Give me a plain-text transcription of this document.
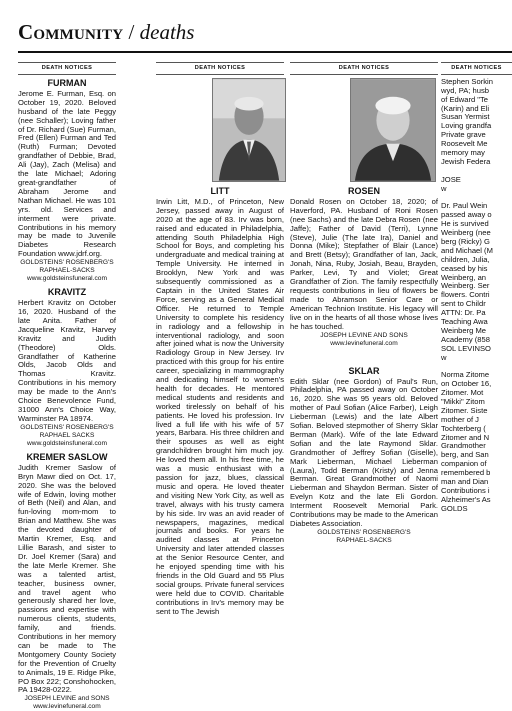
Community / deaths
DEATH NOTICES
FURMAN
Jerome E. Furman, Esq. on October 19, 2020. Beloved husband of the late Peggy (nee Schaller); Loving father of Dr. Richard (Sue) Furman, Fred (Ellen) Furman and Ted (Ruth) Furman; Devoted grandfather of Debbie, Brad, Ali (Jay), Zach (Melisa) and the late Michael; Adoring great-grandfather of Abraham Jerome and Nathan Michael. He was 101 yrs. old. Services and interment were private. Contributions in his memory may be made to Juvenile Diabetes Research Foundation www.jdrf.org.
GOLDSTEINS' ROSENBERG'S
RAPHAEL-SACKS
www.goldsteinsfuneral.com
KRAVITZ
Herbert Kravitz on October 16, 2020. Husband of the late Anita. Father of Jacqueline Kravitz, Harvey Kravitz and Judith (Theodore) Olds. Grandfather of Katherine Olds, Jacob Olds and Thomas Kravitz. Contributions in his memory may be made to the Ann's Choice Benevolence Fund, 31000 Ann's Choice Way, Warminster PA 18974.
GOLDSTEINS' ROSENBERG'S
RAPHAEL SACKS
www.goldsteinsfuneral.com
KREMER SASLOW
Judith Kremer Saslow of Bryn Mawr died on Oct. 17, 2020. She was the beloved wife of Edwin, loving mother of Beth (Neil) and Alan, and fun-loving mom-mom to Brian and Matthew. She was the devoted daughter of Martin Kremer, Esq. and Lillie Barash, and sister to Dr. Joel Kremer (Sara) and the late Merle Kremer. She was a talented artist, teacher, business owner, and travel agent who generously shared her love, passions and expertise with numerous clients, students, family, and friends. Contributions in her memory can be made to The Montgomery County Society for the Prevention of Cruelty to Animals, 19 E. Ridge Pike, PO Box 222; Conshohocken, PA 19428-0222.
JOSEPH LEVINE and SONS
www.levinefuneral.com
DEATH NOTICES
LITT
Irwin Litt, M.D., of Princeton, New Jersey, passed away in August of 2020 at the age of 83. Irv was born, raised and educated in Philadelphia, attending South Philadelphia High School for Boys, and completing his undergraduate and medical training at Temple University. He interned in Brooklyn, New York and was subsequently commissioned as a Captain in the United States Air Force, serving as a General Medical Officer. He returned to Temple University to complete his residency in radiology and a fellowship in interventional radiology, and soon after joined what is now the University Radiology Group in New Jersey. Irv practiced with this group for his entire career, specializing in mammography and dedicating himself to women's health for decades. He mentored medical students and residents and worked tirelessly on behalf of his patients. He loved his profession. Irv lived a full life with his wife of 57 years, Barbara. His three children and their spouses as well as eight grandchildren brought him much joy. He loved them all. In his free time, he was a music enthusiast with a passion for jazz, blues, classical music and opera. He loved theater and visiting New York City, as well as travel, always with his trusty camera by his side. Irv was an avid reader of newspapers, magazines, medical journals and books. For years he audited classes at Princeton University and later attended classes at the Senior Resource Center, and he enjoyed spending time with his friends in the Old Guard and 55 Plus social groups. Private funeral services were held due to COVID. Charitable contributions in Irv's memory may be sent to The Jewish
DEATH NOTICES
ROSEN
Donald Rosen on October 18, 2020; of Haverford, PA. Husband of Roni Rosen (nee Sachs) and the late Debra Rosen (nee Jaffe); Father of David (Terri), Lynne (Steve), Julie (The late Ira), Daniel and Donna (Mike); Stepfather of Blair (Lance) and Brett (Betsy); Grandfather of Ian, Jack, Jonah, Nina, Ruby, Josiah, Beau, Brayden, Parker, Levi, Ty and Violet; Great Grandfather of Zion. The family respectfully requests contributions in lieu of flowers be made to Abramson Senior Care or American Technion Institute. His legacy will live on in the hearts of all those whose lives he has touched.
JOSEPH LEVINE AND SONS
www.levinefuneral.com
SKLAR
Edith Sklar (nee Gordon) of Paul's Run, Philadelphia, PA passed away on October 16, 2020. She was 95 years old. Beloved mother of Paul Sofian (Alice Farber), Leigh Lieberman (Lewis) and the late Albert Sofian. Beloved stepmother of Sherry Sklar Berman (Mark). Wife of the late Edward Sofian and the late Raymond Sklar. Grandmother of Jeffrey Sofian (Giselle), Mark Lieberman, Michael Lieberman (Laura), Todd Berman (Kristy) and Jenna Berman. Great Grandmother of Naomi Lieberman and Shaydon Berman. Sister of Evelyn Kotz and the late Eli Gordon. Interment Roosevelt Memorial Park. Contributions may be made to the American Diabetes Association.
GOLDSTEINS' ROSENBERG'S
RAPHAEL-SACKS
DEATH NOTICES
Stephen Sorkin
wyd, PA; husb
of Edward "Te
(Karin) and Eli
Susan Yermist
Loving grandfa
Private grave
Roosevelt Me
memory may
Jewish Federa
JOSE
w
Dr. Paul Wein
passed away o
He is survived
Weinberg (nee
berg (Ricky) G
and Michael (M
children, Julia,
ceased by his
Weinberg, an
Weinberg. Ser
flowers. Contri
sent to Childr
ATTN: Dr. Pa
Teaching Awa
Weinberg Me
Academy (858
SOL LEVINSO
w
Norma Zitome
on October 16,
Zitomer. Mot
"Mikki" Zitom
Zitomer. Siste
mother of J
Tochterberg (
Zitomer and N
Grandmother
berg, and San
companion of
remembered b
man and Dian
Contributions i
Alzheimer's As
GOLDS
